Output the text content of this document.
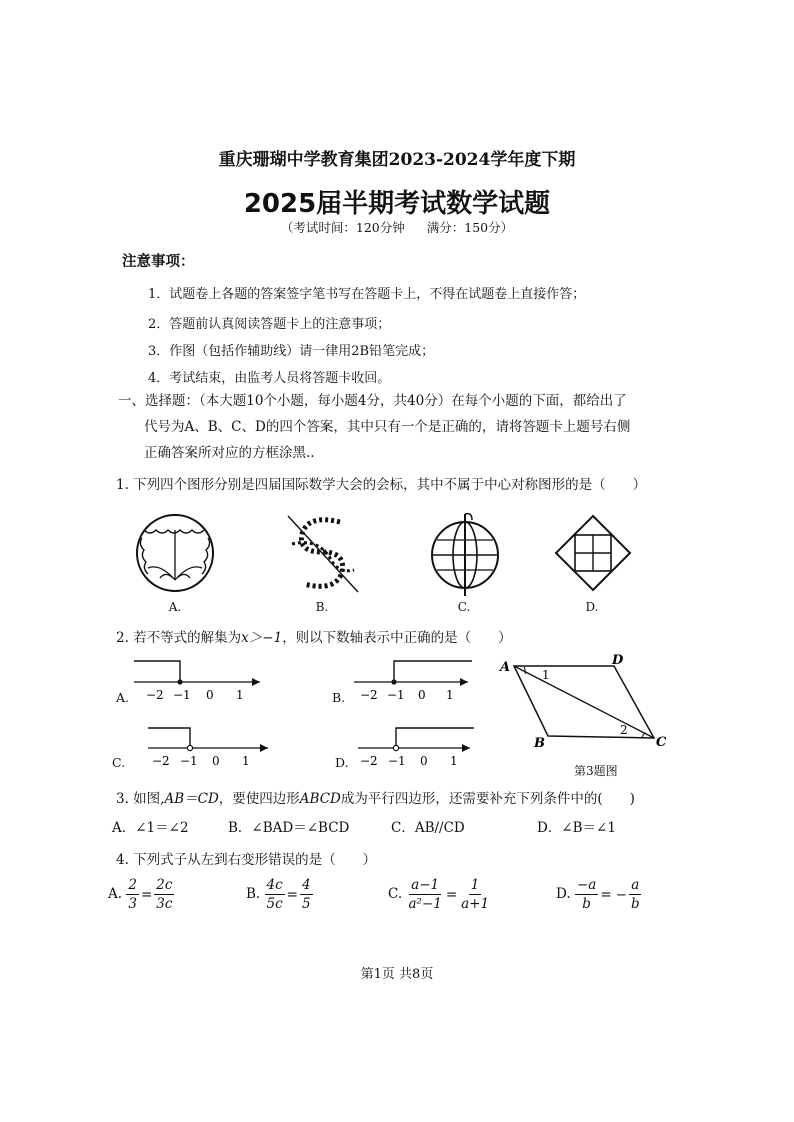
重庆珊瑚中学教育集团2023-2024学年度下期
2025届半期考试数学试题
（考试时间：120分钟 满分：150分）
注意事项：
1．试题卷上各题的答案签字笔书写在答题卡上，不得在试题卷上直接作答；
2．答题前认真阅读答题卡上的注意事项；
3．作图（包括作辅助线）请一律用2B铅笔完成；
4．考试结束，由监考人员将答题卡收回。
一、选择题：（本大题10个小题，每小题4分，共40分）在每个小题的下面，都给出了

代号为A、B、C、D的四个答案，其中只有一个是正确的，请将答题卡上题号右侧
正确答案所对应的方框涂黑..
1. 下列四个图形分别是四届国际数学大会的会标，其中不属于中心对称图形的是（　　）
A.	B.	C.	D.
2. 若不等式的解集为x＞−1，则以下数轴表示中正确的是（　　）
−2 −1 0 1
A.	−2 −1 0 1
B.
−2 −1 0 1
C.	−2 −1 0 1
D.
A	D
B	C
1
2
第3题图
3. 如图,AB＝CD，要使四边形ABCD成为平行四边形，还需要补充下列条件中的(　　)
A．∠1＝∠2	B．∠BAD＝∠BCD	C．AB//CD	D．∠B＝∠1
4. 下列式子从左到右变形错误的是（　　）
A. $\frac{2}{3} = \frac{2c}{3c}$	B. $\frac{4c}{5c} = \frac{4}{5}$	C. $\frac{a-1}{\text{a²−1}} = \frac{1}{a+1}$	D. $\frac{-a}{b}$ = − $\frac{a}{b}$
第1页 共8页
